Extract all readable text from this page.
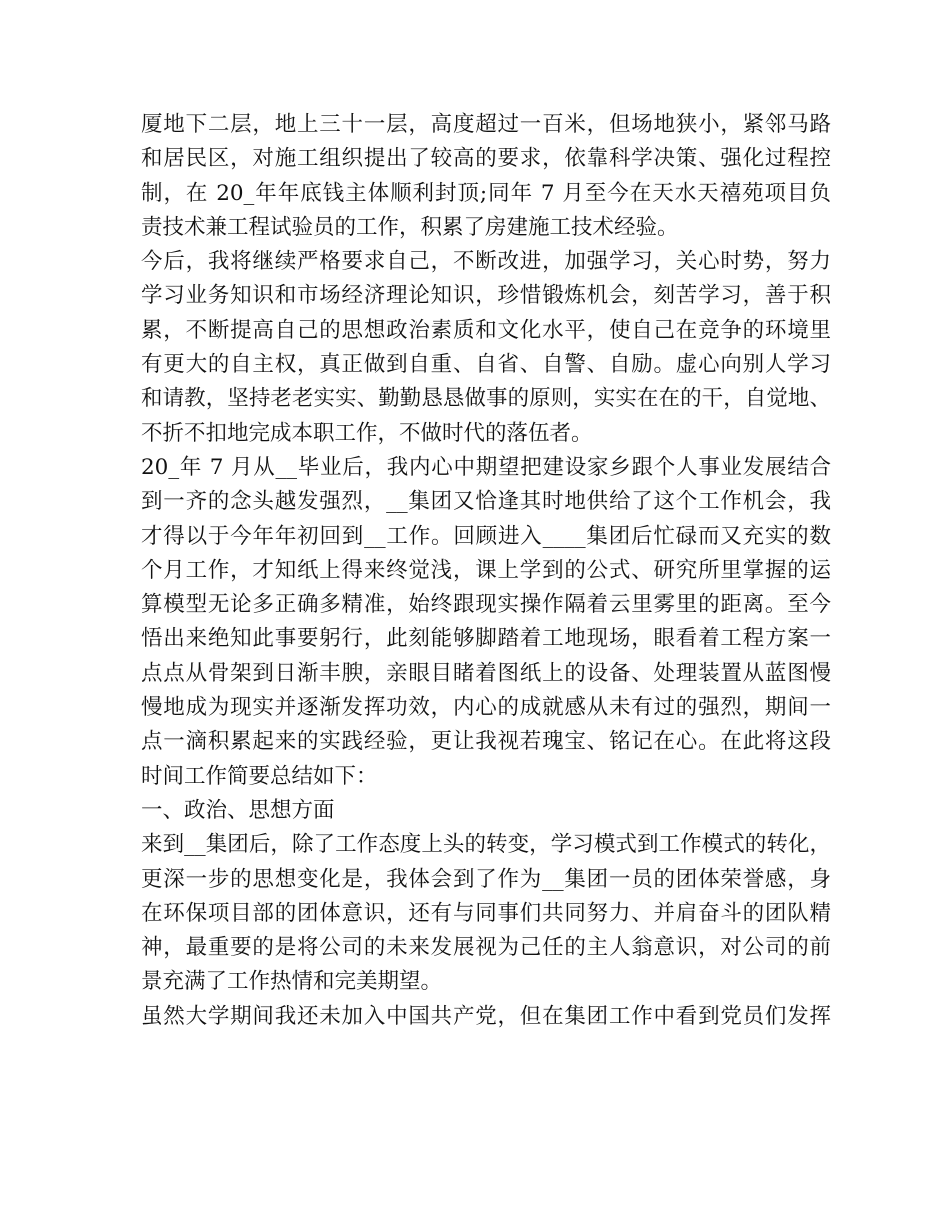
厦地下二层，地上三十一层，高度超过一百米，但场地狭小，紧邻马路
和居民区，对施工组织提出了较高的要求，依靠科学决策、强化过程控
制，在 20_年年底钱主体顺利封顶;同年 7 月至今在天水天禧苑项目负
责技术兼工程试验员的工作，积累了房建施工技术经验。
今后，我将继续严格要求自己，不断改进，加强学习，关心时势，努力
学习业务知识和市场经济理论知识，珍惜锻炼机会，刻苦学习，善于积
累，不断提高自己的思想政治素质和文化水平，使自己在竞争的环境里
有更大的自主权，真正做到自重、自省、自警、自励。虚心向别人学习
和请教，坚持老老实实、勤勤恳恳做事的原则，实实在在的干，自觉地、
不折不扣地完成本职工作，不做时代的落伍者。
20_年 7 月从__毕业后，我内心中期望把建设家乡跟个人事业发展结合
到一齐的念头越发强烈，__集团又恰逢其时地供给了这个工作机会，我
才得以于今年年初回到__工作。回顾进入____集团后忙碌而又充实的数
个月工作，才知纸上得来终觉浅，课上学到的公式、研究所里掌握的运
算模型无论多正确多精准，始终跟现实操作隔着云里雾里的距离。至今
悟出来绝知此事要躬行，此刻能够脚踏着工地现场，眼看着工程方案一
点点从骨架到日渐丰腴，亲眼目睹着图纸上的设备、处理装置从蓝图慢
慢地成为现实并逐渐发挥功效，内心的成就感从未有过的强烈，期间一
点一滴积累起来的实践经验，更让我视若瑰宝、铭记在心。在此将这段
时间工作简要总结如下：
一、政治、思想方面
来到__集团后，除了工作态度上头的转变，学习模式到工作模式的转化，
更深一步的思想变化是，我体会到了作为__集团一员的团体荣誉感，身
在环保项目部的团体意识，还有与同事们共同努力、并肩奋斗的团队精
神，最重要的是将公司的未来发展视为己任的主人翁意识，对公司的前
景充满了工作热情和完美期望。
虽然大学期间我还未加入中国共产党，但在集团工作中看到党员们发挥
